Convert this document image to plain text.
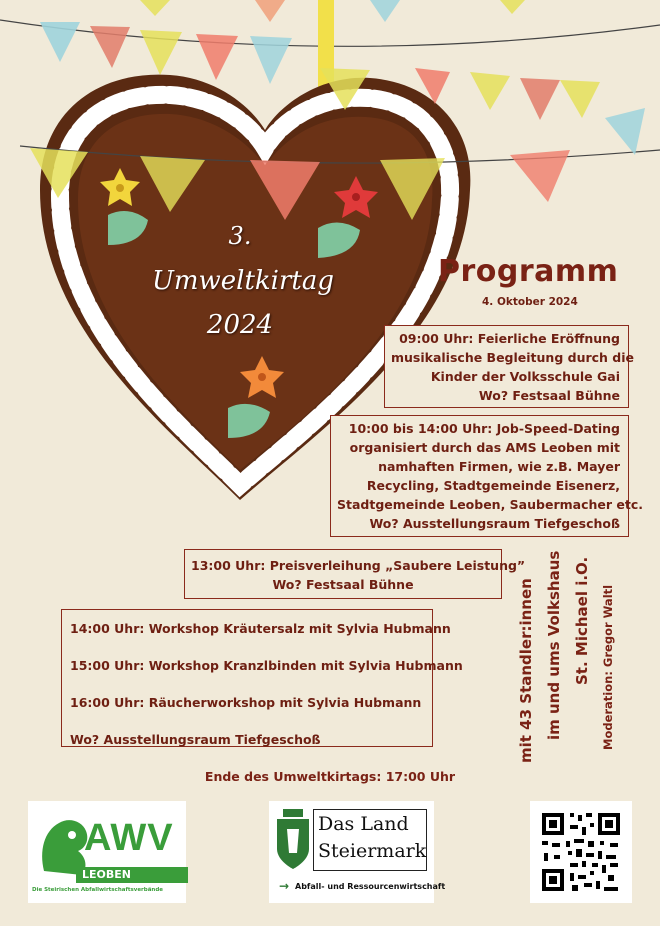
3.
Umweltkirtag
2024
Programm
4. Oktober 2024
09:00 Uhr: Feierliche Eröffnung
musikalische Begleitung durch die
Kinder der Volksschule Gai
Wo? Festsaal Bühne
10:00 bis 14:00 Uhr: Job-Speed-Dating
organisiert durch das AMS Leoben mit
namhaften Firmen, wie z.B. Mayer
Recycling, Stadtgemeinde Eisenerz,
Stadtgemeinde Leoben, Saubermacher etc.
Wo? Ausstellungsraum Tiefgeschoß
13:00 Uhr: Preisverleihung „Saubere Leistung”
Wo? Festsaal Bühne
14:00 Uhr: Workshop Kräutersalz mit Sylvia Hubmann
15:00 Uhr: Workshop Kranzlbinden mit Sylvia Hubmann
16:00 Uhr: Räucherworkshop mit Sylvia Hubmann
Wo? Ausstellungsraum Tiefgeschoß	mit 43 Standler:innen im und ums Volkshaus St. Michael i.O. Moderation: Gregor Waltl
Ende des Umweltkirtags: 17:00 Uhr
AWV
LEOBEN
Die Steirischen Abfallwirtschaftsverbände
Das Land
Steiermark
→ Abfall- und Ressourcenwirtschaft
